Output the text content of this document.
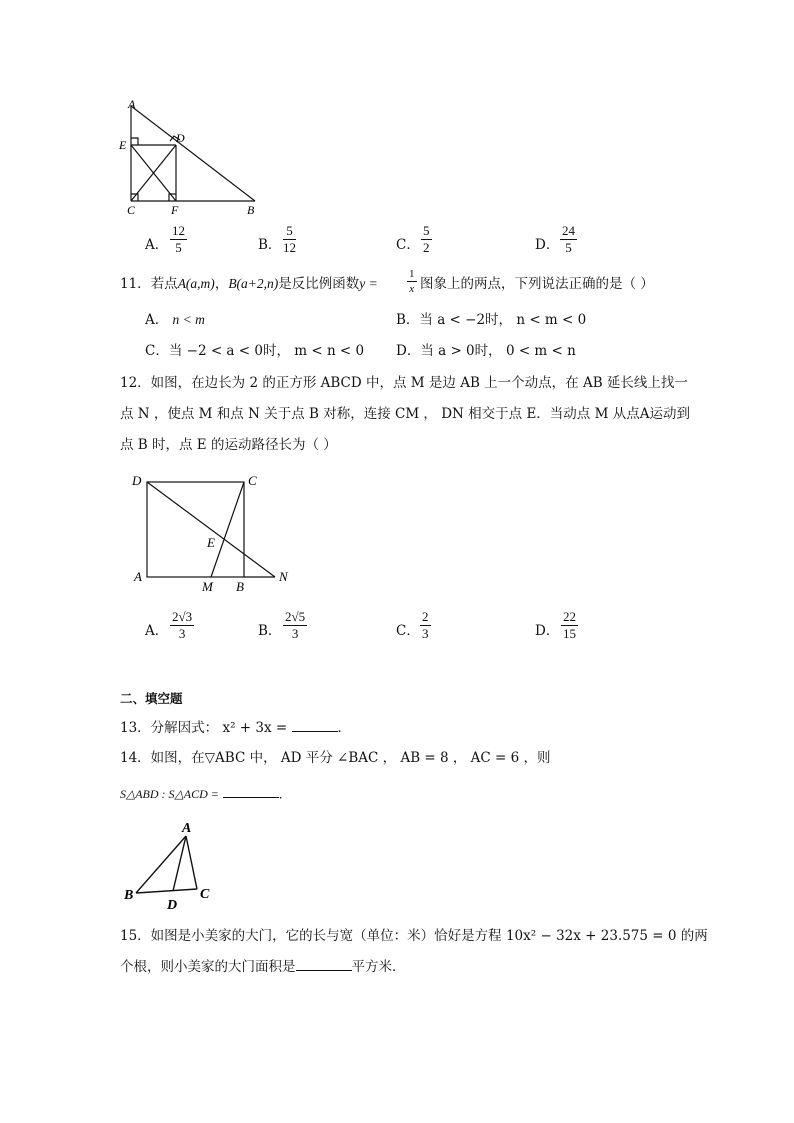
A
E	D
C	F	B
A．
12
5	B．
5
12	C．
5
2	D．
24
5
11．若点A(a,m)，B(a+2,n)是反比例函数y =
1
x 图象上的两点，下列说法正确的是（ ）
A． n < m	B．当 a < −2时， n < m < 0
C．当 −2 < a < 0时， m < n < 0 D．当 a > 0时， 0 < m < n
12．如图，在边长为 2 的正方形 ABCD 中，点 M 是边 AB 上一个动点，在 AB 延长线上找一
点 N ，使点 M 和点 N 关于点 B 对称，连接 CM ， DN 相交于点 E．当动点 M 从点A运动到
点 B 时，点 E 的运动路径长为（ ）
D	C
E
A
M B
N
A．
2√3
3	B．
2√5
3	C．
2
3	D．
22
15
二、填空题
13．分解因式： x² + 3x =	．
14．如图，在▽ABC 中， AD 平分 ∠BAC ， AB = 8 ， AC = 6 ，则
S△ABD : S△ACD =	．
A
B	C
D
15．如图是小美家的大门，它的长与宽（单位：米）恰好是方程 10x² − 32x + 23.575 = 0 的两
个根，则小美家的大门面积是	平方米．
